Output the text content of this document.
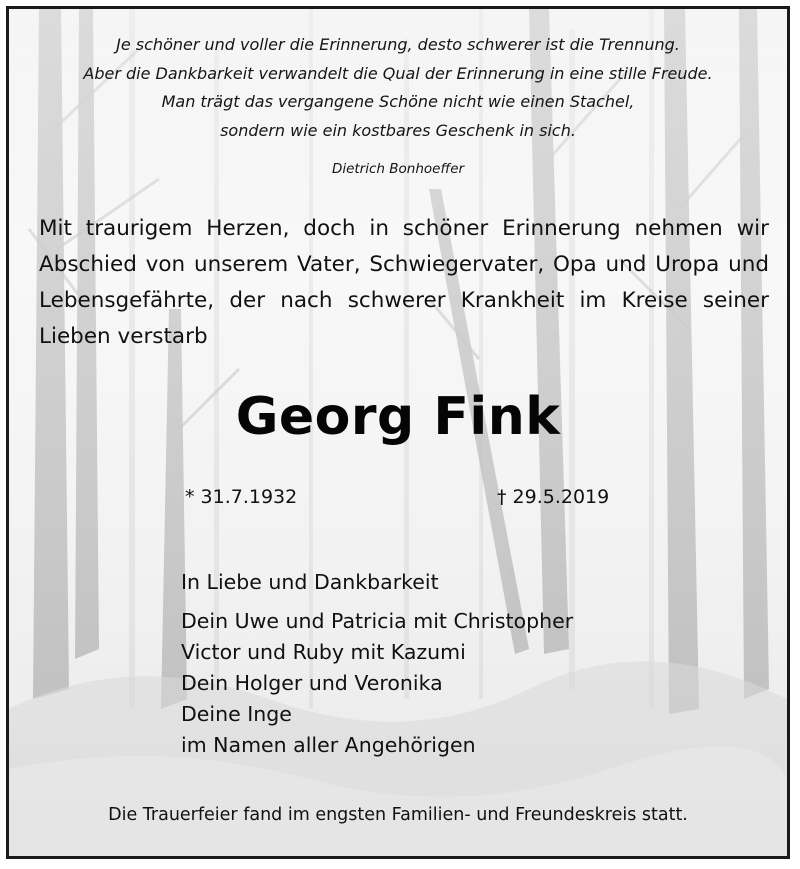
Je schöner und voller die Erinnerung, desto schwerer ist die Trennung.
Aber die Dankbarkeit verwandelt die Qual der Erinnerung in eine stille Freude.
Man trägt das vergangene Schöne nicht wie einen Stachel,
sondern wie ein kostbares Geschenk in sich.
Dietrich Bonhoeffer
Mit traurigem Herzen, doch in schöner Erinnerung nehmen wir Abschied von unserem Vater, Schwiegervater, Opa und Uropa und Lebensgefährte, der nach schwerer Krankheit im Kreise seiner Lieben verstarb
Georg Fink
* 31.7.1932	† 29.5.2019
In Liebe und Dankbarkeit
Dein Uwe und Patricia mit Christopher
Victor und Ruby mit Kazumi
Dein Holger und Veronika
Deine Inge
im Namen aller Angehörigen
Die Trauerfeier fand im engsten Familien- und Freundeskreis statt.
